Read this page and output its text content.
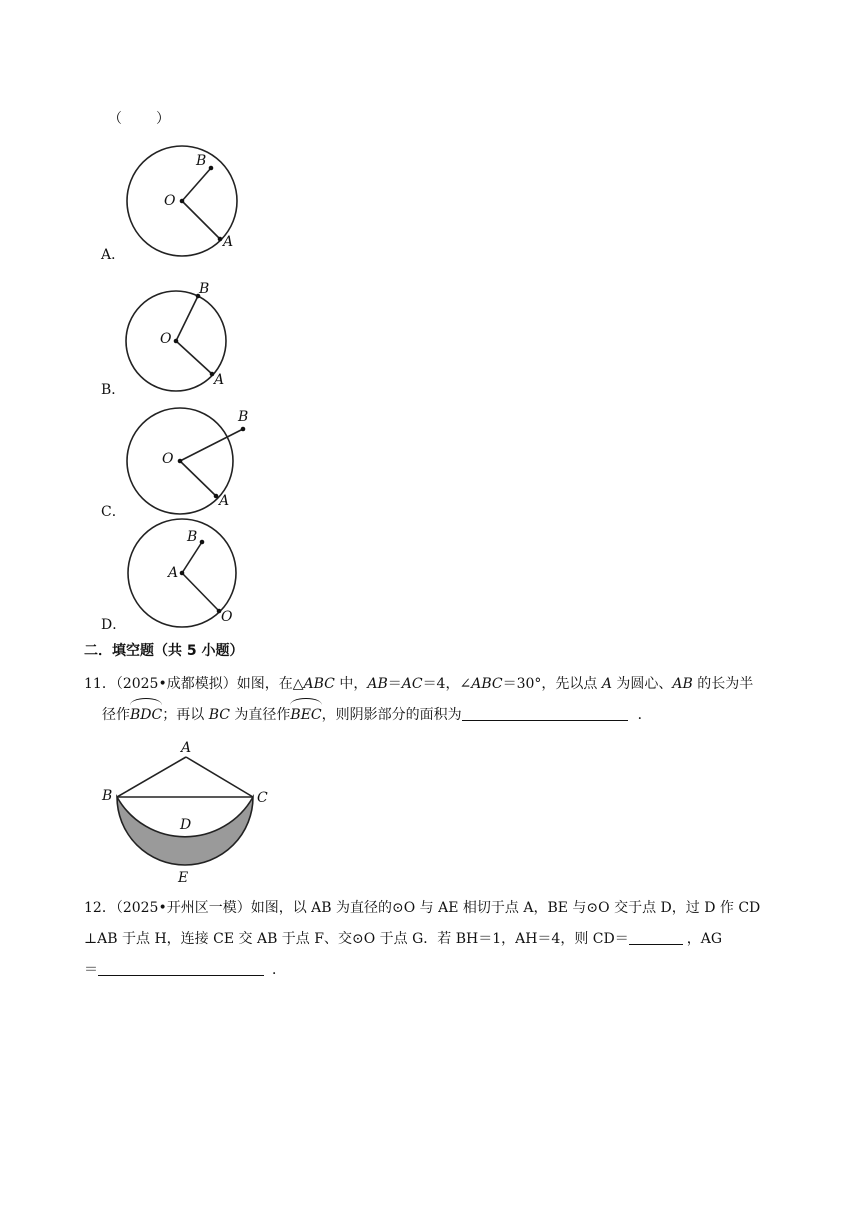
（　　）
A．
O
B
A
B．
O
B
A
C．
O
B
A
D．
A
B
O
二．填空题（共 5 小题）
11．（2025•成都模拟）如图，在△ABC 中，AB＝AC＝4，∠ABC＝30°，先以点 A 为圆心、AB 的长为半
径作BDC；再以 BC 为直径作BEC，则阴影部分的面积为	．
A
B	C
D
E
12．（2025•开州区一模）如图，以 AB 为直径的⊙O 与 AE 相切于点 A，BE 与⊙O 交于点 D，过 D 作 CD
⊥AB 于点 H，连接 CE 交 AB 于点 F、交⊙O 于点 G．若 BH＝1，AH＝4，则 CD＝	，AG
＝	．
